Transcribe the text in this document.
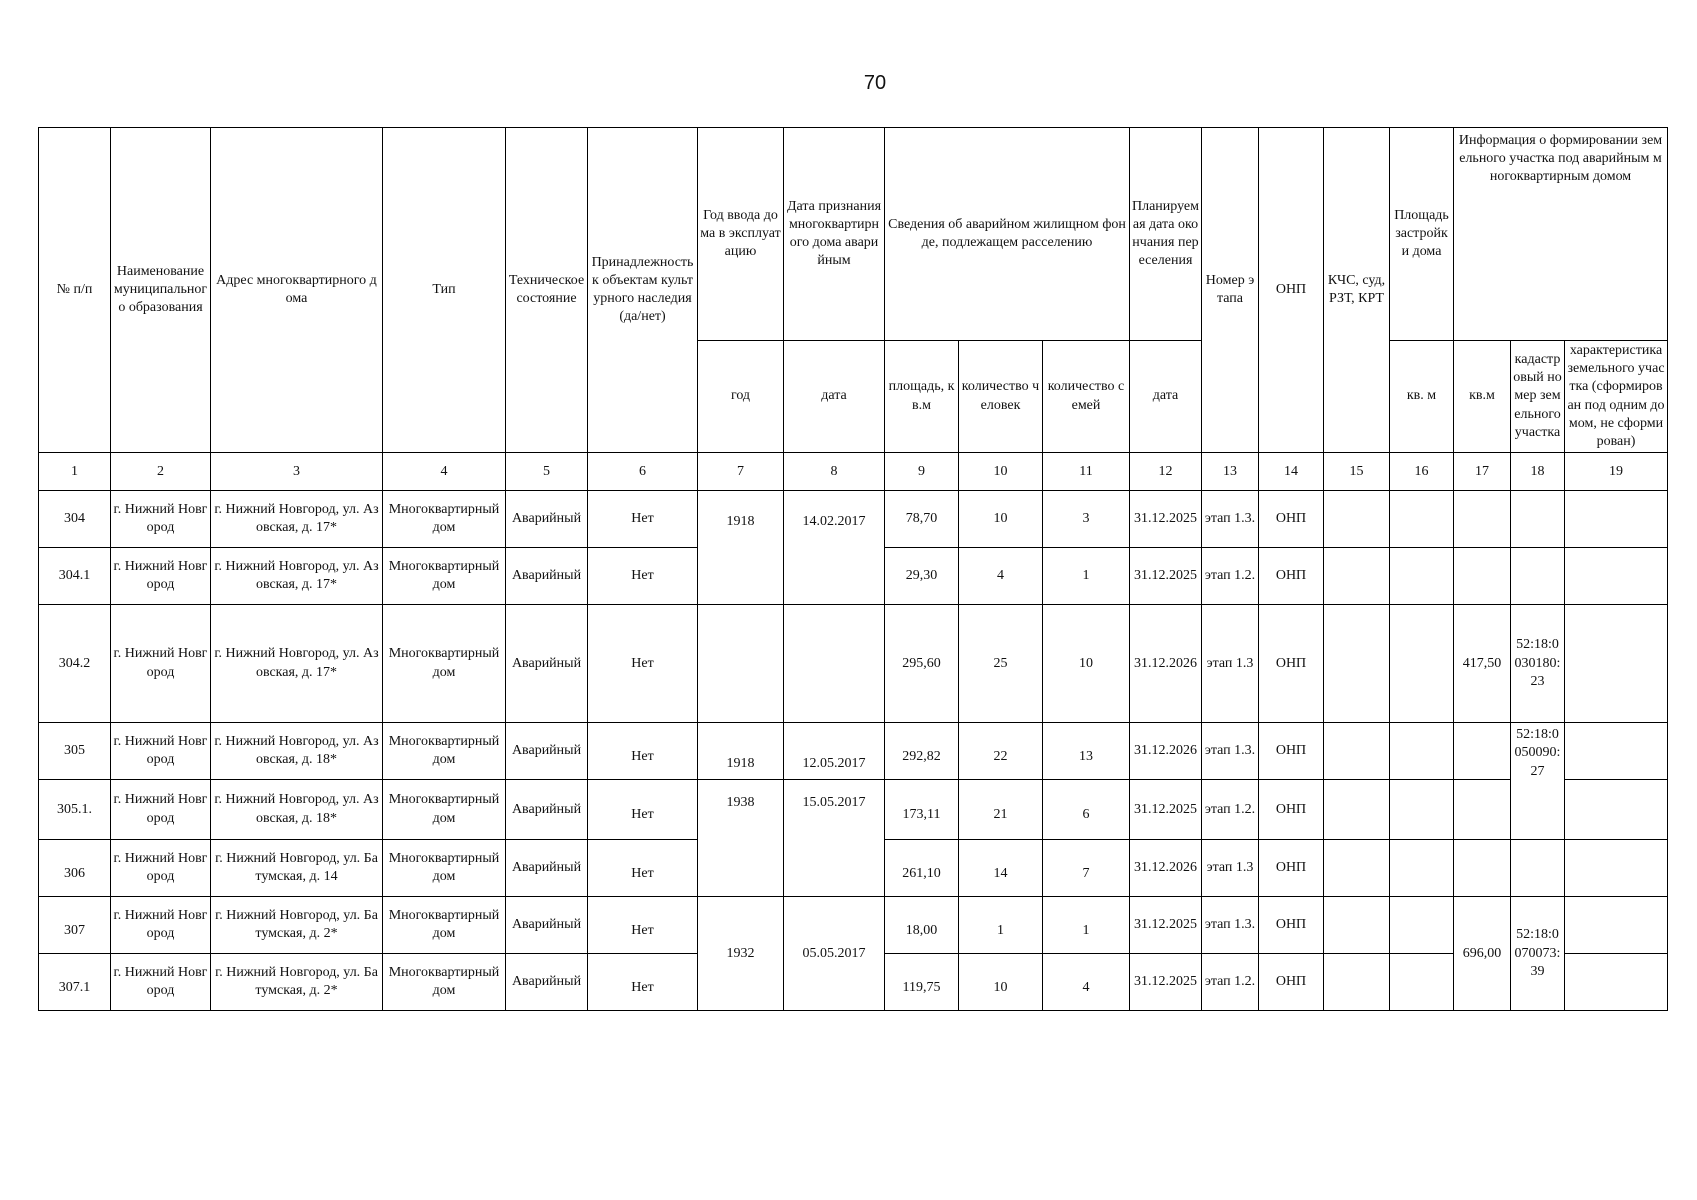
70
№ п/п	Наименование муниципального образования	Адрес многоквартирного дома	Тип	Техническое состояние	Принадлежность к объектам культурного наследия (да/нет)	Год ввода дома в эксплуатацию	Дата признания многоквартирного дома аварийным	Сведения об аварийном жилищном фонде, подлежащем расселению			Планируемая дата окончания переселения	Номер этапа	ОНП	КЧС, суд, РЗТ, КРТ	Площадь застройки дома	Информация о формировании земельного участка под аварийным многоквартирным домом		
						год	дата	площадь, кв.м	количество человек	количество семей	дата				кв. м	кв.м	кадастровый номер земельного участка	характеристика земельного участка (сформирован под одним домом, не сформирован)
1	2	3	4	5	6	7	8	9	10	11	12	13	14	15	16	17	18	19
304	г. Нижний Новгород	г. Нижний Новгород, ул. Азовская, д. 17*	Многоквартирный дом	Аварийный	Нет	1918	14.02.2017	78,70	10	3	31.12.2025	этап 1.3.	ОНП					
304.1	г. Нижний Новгород	г. Нижний Новгород, ул. Азовская, д. 17*	Многоквартирный дом	Аварийный	Нет			29,30	4	1	31.12.2025	этап 1.2.	ОНП					
304.2	г. Нижний Новгород	г. Нижний Новгород, ул. Азовская, д. 17*	Многоквартирный дом	Аварийный	Нет			295,60	25	10	31.12.2026	этап 1.3	ОНП			417,50	52:18:0030180:23	
305	г. Нижний Новгород	г. Нижний Новгород, ул. Азовская, д. 18*	Многоквартирный дом	Аварийный	Нет	1918	12.05.2017	292,82	22	13	31.12.2026	этап 1.3.	ОНП				52:18:0050090:27	
305.1.	г. Нижний Новгород	г. Нижний Новгород, ул. Азовская, д. 18*	Многоквартирный дом	Аварийный	Нет	1938	15.05.2017	173,11	21	6	31.12.2025	этап 1.2.	ОНП					
306	г. Нижний Новгород	г. Нижний Новгород, ул. Батумская, д. 14	Многоквартирный дом	Аварийный	Нет			261,10	14	7	31.12.2026	этап 1.3	ОНП					
307	г. Нижний Новгород	г. Нижний Новгород, ул. Батумская, д. 2*	Многоквартирный дом	Аварийный	Нет	1932	05.05.2017	18,00	1	1	31.12.2025	этап 1.3.	ОНП			696,00	52:18:0070073:39	
307.1	г. Нижний Новгород	г. Нижний Новгород, ул. Батумская, д. 2*	Многоквартирный дом	Аварийный	Нет			119,75	10	4	31.12.2025	этап 1.2.	ОНП					
